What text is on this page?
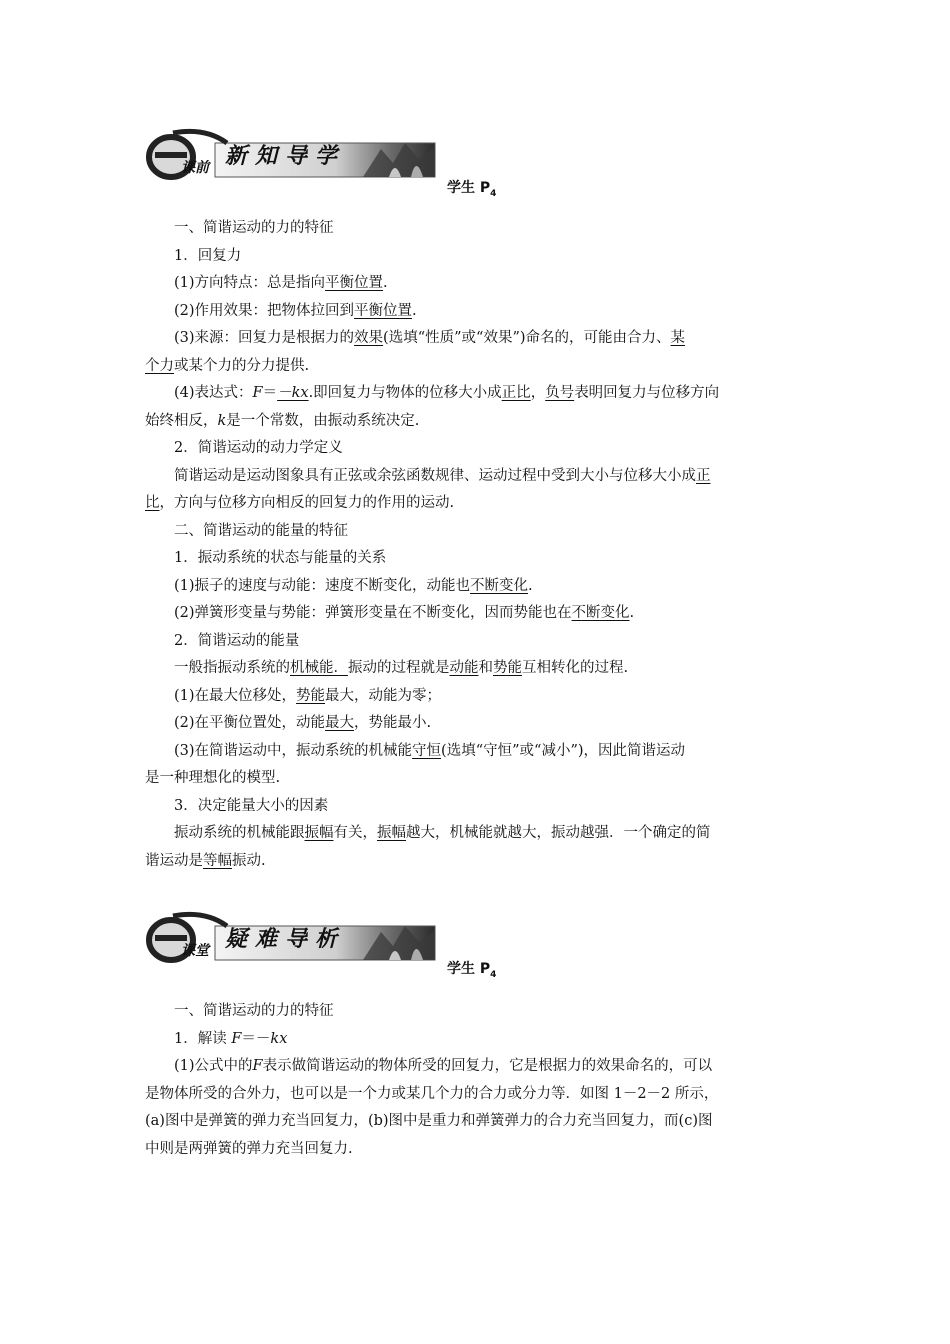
课前 新知导学
学生 $P_4$

一、简谐运动的力的特征

1．回复力

(1)方向特点：总是指向平衡位置.

(2)作用效果：把物体拉回到平衡位置.

(3)来源：回复力是根据力的效果(选填“性质”或“效果”)命名的，可能由合力、某
个力或某个力的分力提供.

(4)表达式：F＝－kx.即回复力与物体的位移大小成正比，负号表明回复力与位移方向
始终相反，k是一个常数，由振动系统决定.

2．简谐运动的动力学定义

简谐运动是运动图象具有正弦或余弦函数规律、运动过程中受到大小与位移大小成正
比，方向与位移方向相反的回复力的作用的运动.

二、简谐运动的能量的特征

1．振动系统的状态与能量的关系

(1)振子的速度与动能：速度不断变化，动能也不断变化.

(2)弹簧形变量与势能：弹簧形变量在不断变化，因而势能也在不断变化.

2．简谐运动的能量

一般指振动系统的机械能．振动的过程就是动能和势能互相转化的过程.

(1)在最大位移处，势能最大，动能为零；

(2)在平衡位置处，动能最大，势能最小.

(3)在简谐运动中，振动系统的机械能守恒(选填“守恒”或“减小”)，因此简谐运动
是一种理想化的模型.

3．决定能量大小的因素

振动系统的机械能跟振幅有关，振幅越大，机械能就越大，振动越强．一个确定的简
谐运动是等幅振动.

课堂 疑难导析
学生 $P_4$

一、简谐运动的力的特征

1．解读 F＝－kx

(1)公式中的F表示做简谐运动的物体所受的回复力，它是根据力的效果命名的，可以
是物体所受的合外力，也可以是一个力或某几个力的合力或分力等．如图 1－2－2 所示，
(a)图中是弹簧的弹力充当回复力，(b)图中是重力和弹簧弹力的合力充当回复力，而(c)图
中则是两弹簧的弹力充当回复力.
